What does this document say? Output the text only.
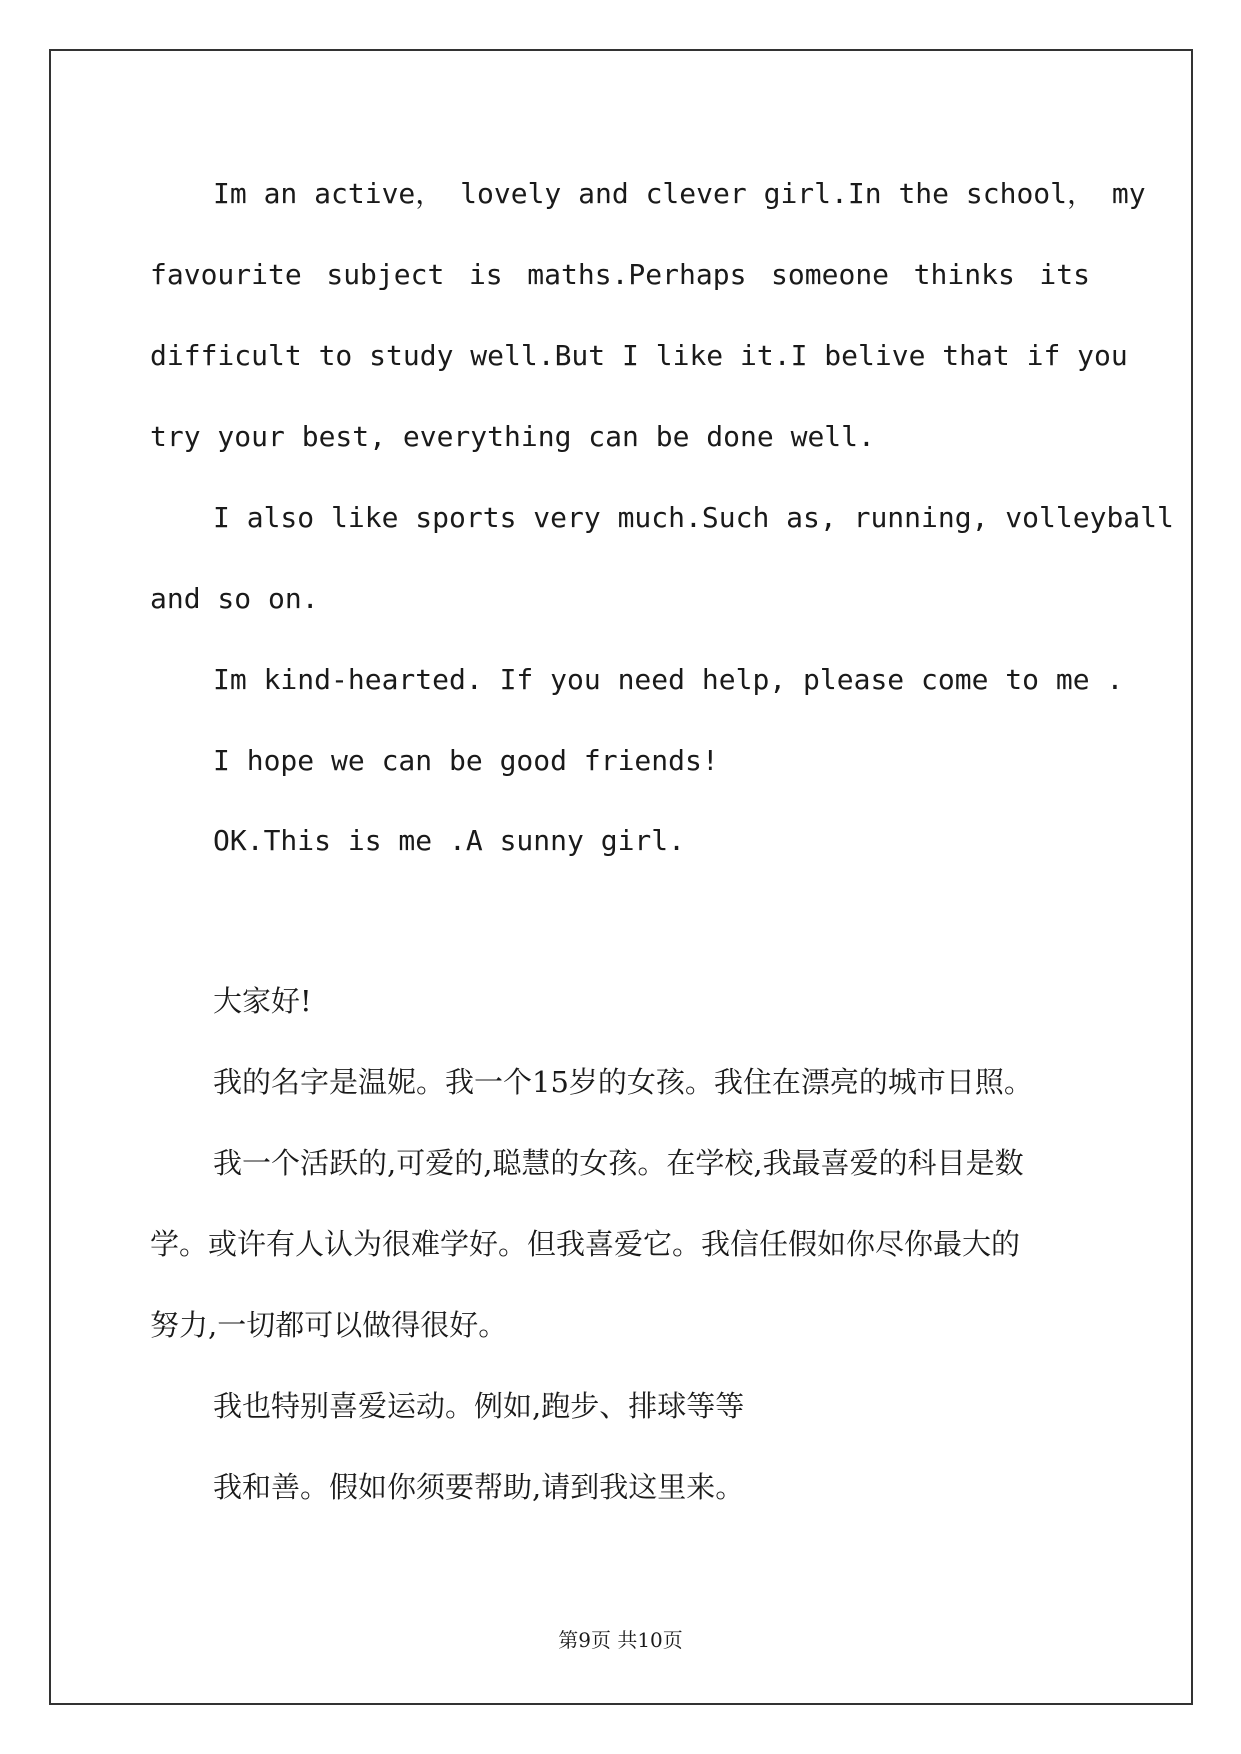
Im an active， lovely and clever girl.In the school， my
favourite subject is maths.Perhaps someone thinks its
difficult to study well.But I like it.I belive that if you
try your best, everything can be done well.
I also like sports very much.Such as, running, volleyball
and so on.
Im kind-hearted. If you need help, please come to me .
I hope we can be good friends!
OK.This is me .A sunny girl.
大家好!
我的名字是温妮。我一个15岁的女孩。我住在漂亮的城市日照。
我一个活跃的,可爱的,聪慧的女孩。在学校,我最喜爱的科目是数
学。或许有人认为很难学好。但我喜爱它。我信任假如你尽你最大的
努力,一切都可以做得很好。
我也特别喜爱运动。例如,跑步、排球等等
我和善。假如你须要帮助,请到我这里来。
第9页 共10页
